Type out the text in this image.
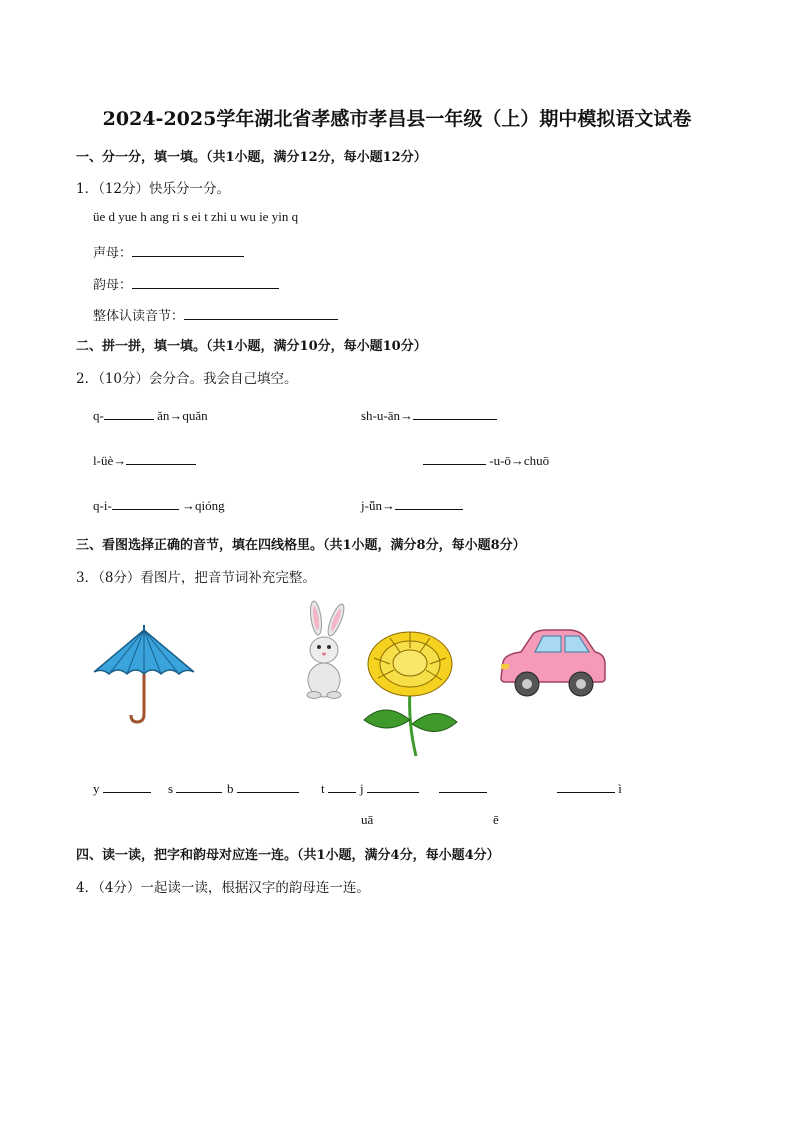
2024-2025学年湖北省孝感市孝昌县一年级（上）期中模拟语文试卷
一、分一分，填一填。（共1小题，满分12分，每小题12分）
1．（12分）快乐分一分。
üe d yue h ang ri s ei t zhi u wu ie yin q
声母：
韵母：
整体认读音节：
二、拼一拼，填一填。（共1小题，满分10分，每小题10分）
2．（10分）会分合。我会自己填空。
q-	ǎn→quǎn	sh-u-ān→
l-üè→	-u-ō→chuō
q-i-	→qióng	j-ǖn→
三、看图选择正确的音节，填在四线格里。（共1小题，满分8分，每小题8分）
3．（8分）看图片，把音节词补充完整。
y	s	b	t	j	ì
uā	ē
四、读一读，把字和韵母对应连一连。（共1小题，满分4分，每小题4分）
4．（4分）一起读一读，根据汉字的韵母连一连。
